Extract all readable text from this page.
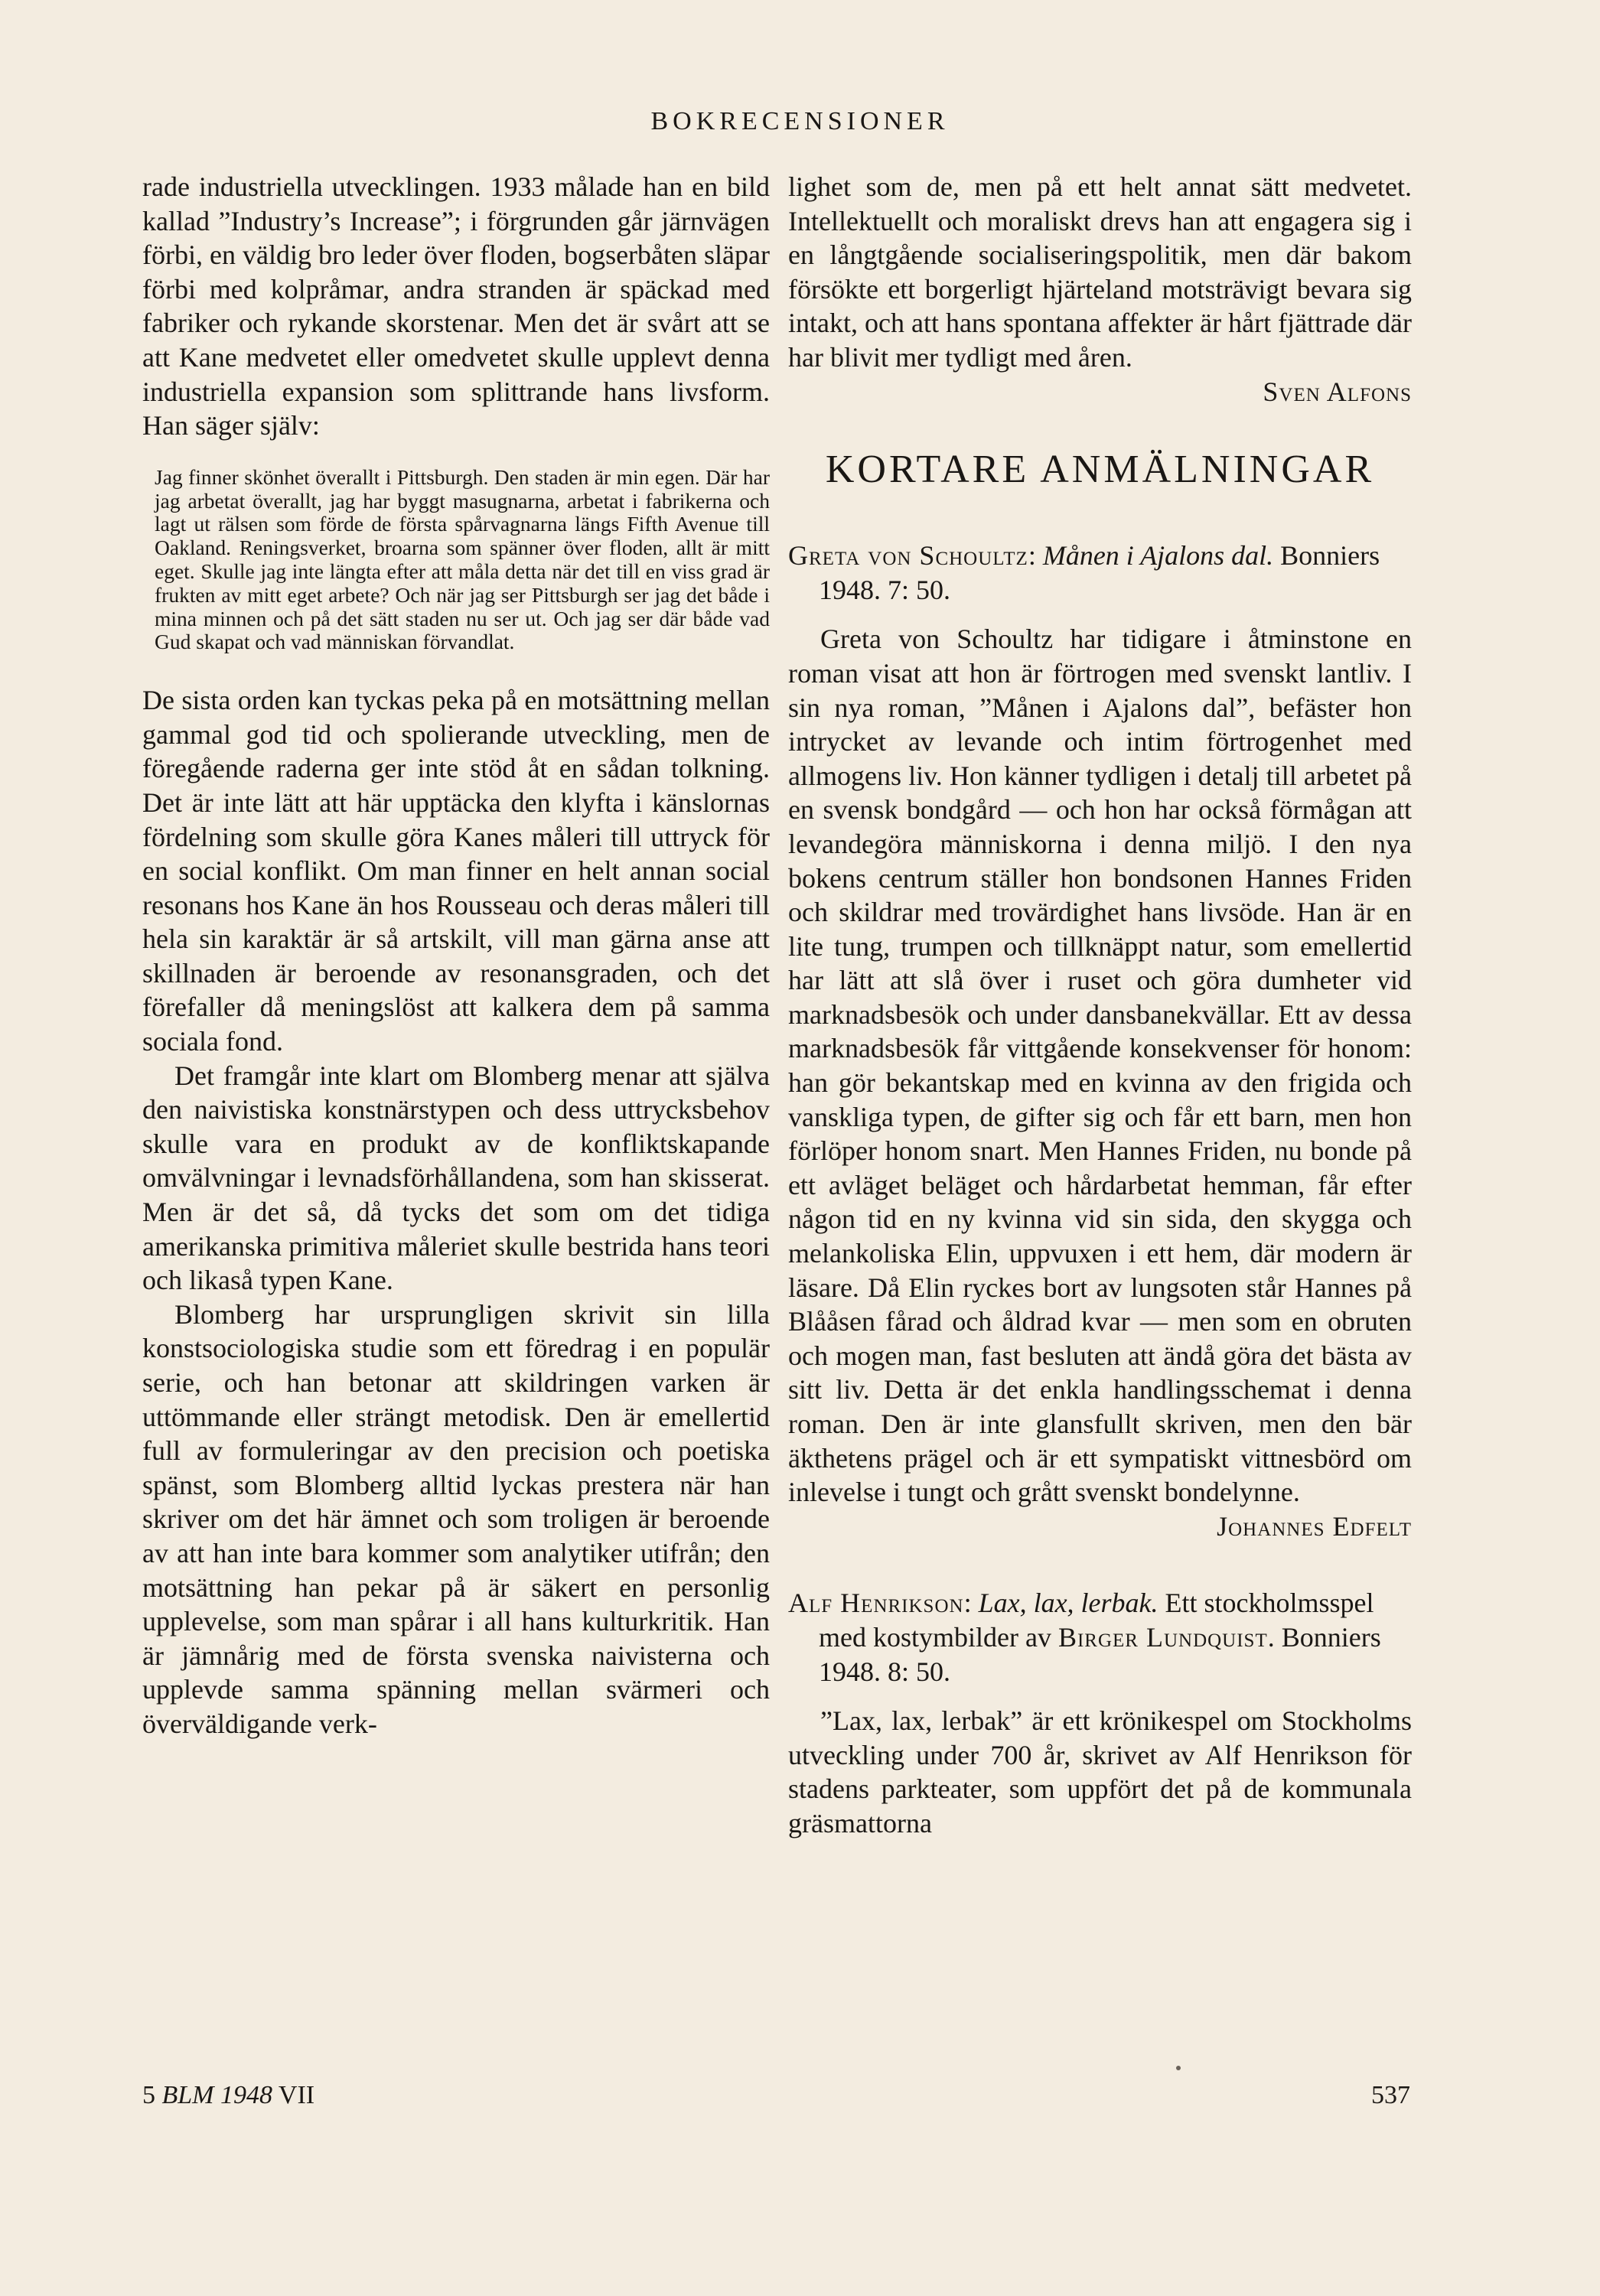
BOKRECENSIONER

rade industriella utvecklingen. 1933 målade han en bild kallad ”Industry’s Increase”; i förgrunden går järnvägen förbi, en väldig bro leder över floden, bogserbåten släpar förbi med kolpråmar, andra stranden är späckad med fabriker och rykande skorstenar. Men det är svårt att se att Kane medvetet eller omedvetet skulle upplevt denna industriella expansion som splittrande hans livsform. Han säger själv:

Jag finner skönhet överallt i Pittsburgh. Den staden är min egen. Där har jag arbetat överallt, jag har byggt masugnarna, arbetat i fabrikerna och lagt ut rälsen som förde de första spårvagnarna längs Fifth Avenue till Oakland. Reningsverket, broarna som spänner över floden, allt är mitt eget. Skulle jag inte längta efter att måla detta när det till en viss grad är frukten av mitt eget arbete? Och när jag ser Pittsburgh ser jag det både i mina minnen och på det sätt staden nu ser ut. Och jag ser där både vad Gud skapat och vad människan förvandlat.

De sista orden kan tyckas peka på en motsättning mellan gammal god tid och spolierande utveckling, men de föregående raderna ger inte stöd åt en sådan tolkning. Det är inte lätt att här upptäcka den klyfta i känslornas fördelning som skulle göra Kanes måleri till uttryck för en social konflikt. Om man finner en helt annan social resonans hos Kane än hos Rousseau och deras måleri till hela sin karaktär är så artskilt, vill man gärna anse att skillnaden är beroende av resonansgraden, och det förefaller då meningslöst att kalkera dem på samma sociala fond.

Det framgår inte klart om Blomberg menar att själva den naivistiska konstnärstypen och dess uttrycksbehov skulle vara en produkt av de konfliktskapande omvälvningar i levnadsförhållandena, som han skisserat. Men är det så, då tycks det som om det tidiga amerikanska primitiva måleriet skulle bestrida hans teori och likaså typen Kane.

Blomberg har ursprungligen skrivit sin lilla konstsociologiska studie som ett föredrag i en populär serie, och han betonar att skildringen varken är uttömmande eller strängt metodisk. Den är emellertid full av formuleringar av den precision och poetiska spänst, som Blomberg alltid lyckas prestera när han skriver om det här ämnet och som troligen är beroende av att han inte bara kommer som analytiker utifrån; den motsättning han pekar på är säkert en personlig upplevelse, som man spårar i all hans kulturkritik. Han är jämnårig med de första svenska naivisterna och upplevde samma spänning mellan svärmeri och överväldigande verk-

lighet som de, men på ett helt annat sätt medvetet. Intellektuellt och moraliskt drevs han att engagera sig i en långtgående socialiseringspolitik, men där bakom försökte ett borgerligt hjärteland motsträvigt bevara sig intakt, och att hans spontana affekter är hårt fjättrade där har blivit mer tydligt med åren.

Sven Alfons

KORTARE ANMÄLNINGAR

Greta von Schoultz: Månen i Ajalons dal. Bonniers 1948. 7: 50.

Greta von Schoultz har tidigare i åtminstone en roman visat att hon är förtrogen med svenskt lantliv. I sin nya roman, ”Månen i Ajalons dal”, befäster hon intrycket av levande och intim förtrogenhet med allmogens liv. Hon känner tydligen i detalj till arbetet på en svensk bondgård — och hon har också förmågan att levandegöra människorna i denna miljö. I den nya bokens centrum ställer hon bondsonen Hannes Friden och skildrar med trovärdighet hans livsöde. Han är en lite tung, trumpen och tillknäppt natur, som emellertid har lätt att slå över i ruset och göra dumheter vid marknadsbesök och under dansbanekvällar. Ett av dessa marknadsbesök får vittgående konsekvenser för honom: han gör bekantskap med en kvinna av den frigida och vanskliga typen, de gifter sig och får ett barn, men hon förlöper honom snart. Men Hannes Friden, nu bonde på ett avläget beläget och hårdarbetat hemman, får efter någon tid en ny kvinna vid sin sida, den skygga och melankoliska Elin, uppvuxen i ett hem, där modern är läsare. Då Elin ryckes bort av lungsoten står Hannes på Blååsen fårad och åldrad kvar — men som en obruten och mogen man, fast besluten att ändå göra det bästa av sitt liv. Detta är det enkla handlingsschemat i denna roman. Den är inte glansfullt skriven, men den bär äkthetens prägel och är ett sympatiskt vittnesbörd om inlevelse i tungt och grått svenskt bondelynne.

Johannes Edfelt

Alf Henrikson: Lax, lax, lerbak. Ett stockholmsspel med kostymbilder av Birger Lundquist. Bonniers 1948. 8: 50.

”Lax, lax, lerbak” är ett krönikespel om Stockholms utveckling under 700 år, skrivet av Alf Henrikson för stadens parkteater, som uppfört det på de kommunala gräsmattorna

5 BLM 1948 VII	537
